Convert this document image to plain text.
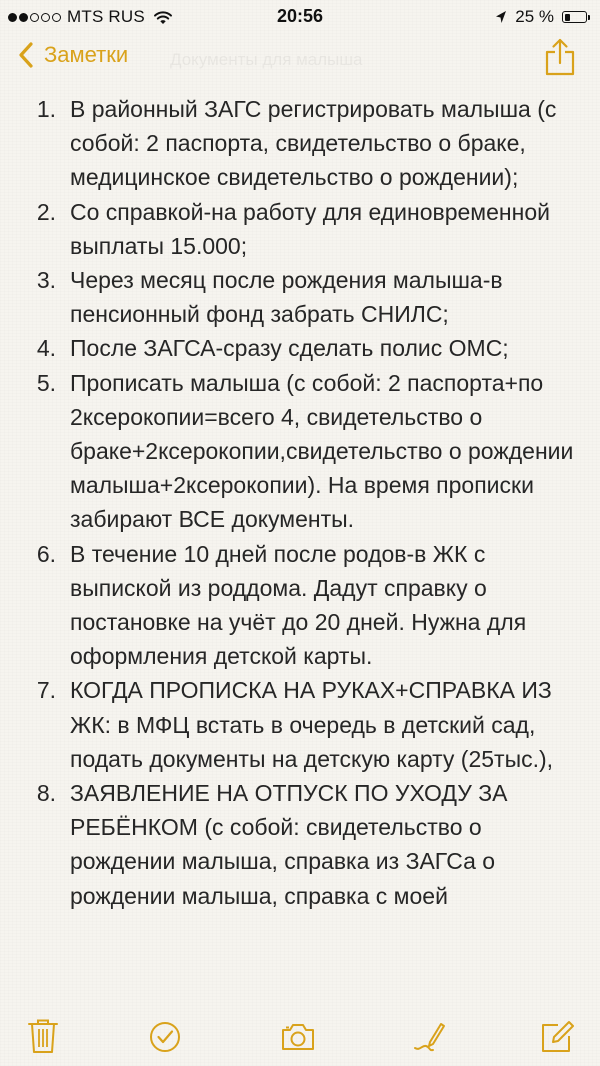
MTS RUS	20:56	25 %
Заметки Документы для малыша
1. В районный ЗАГС регистрировать малыша (с собой: 2 паспорта, свидетельство о браке, медицинское свидетельство о рождении);
2. Со справкой-на работу для единовременной выплаты 15.000;
3. Через месяц после рождения малыша-в пенсионный фонд забрать СНИЛС;
4. После ЗАГСА-сразу сделать полис ОМС;
5. Прописать малыша (с собой: 2 паспорта+по 2ксерокопии=всего 4, свидетельство о браке+2ксерокопии,свидетельство о рождении малыша+2ксерокопии). На время прописки забирают ВСЕ документы.
6. В течение 10 дней после родов-в ЖК с выпиской из роддома. Дадут справку о постановке на учёт до 20 дней. Нужна для оформления детской карты.
7. КОГДА ПРОПИСКА НА РУКАХ+СПРАВКА ИЗ ЖК: в МФЦ встать в очередь в детский сад, подать документы на детскую карту (25тыс.),
8. ЗАЯВЛЕНИЕ НА ОТПУСК ПО УХОДУ ЗА РЕБЁНКОМ (с собой: свидетельство о рождении малыша, справка из ЗАГСа о рождении малыша, справка с моей
